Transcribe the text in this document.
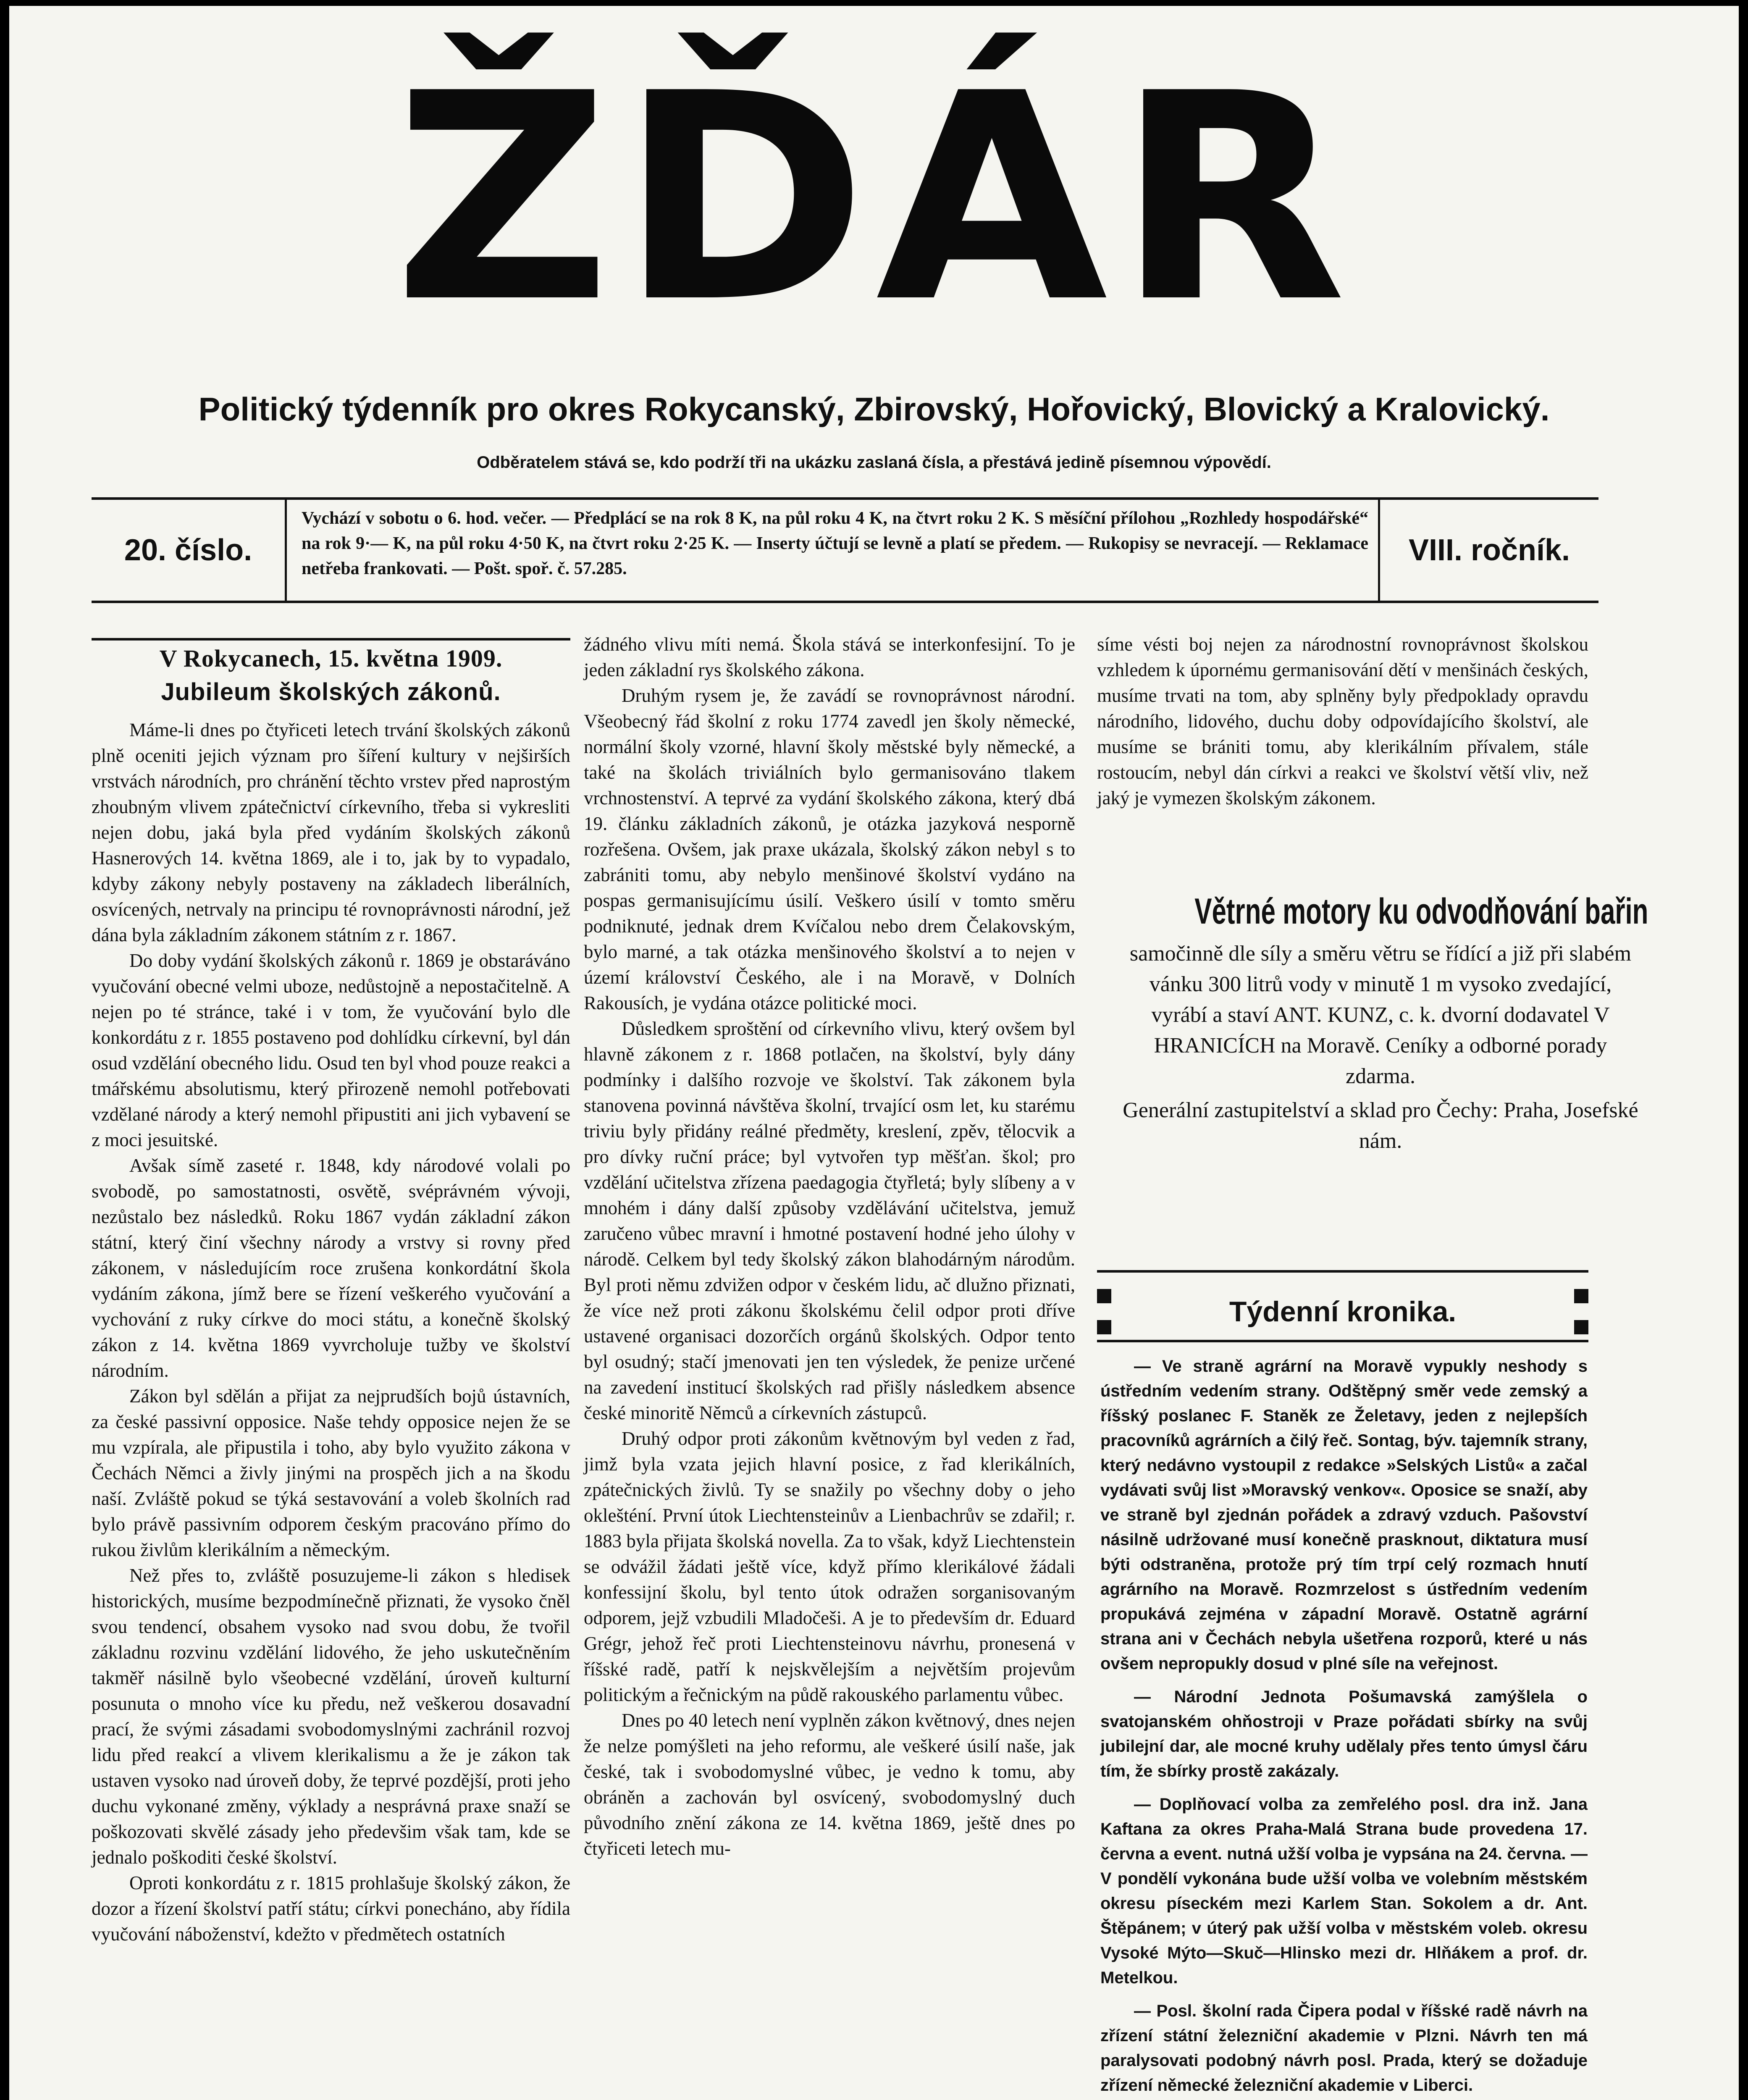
ŽĎÁR
Politický týdenník pro okres Rokycanský, Zbirovský, Hořovický, Blovický a Kralovický.
Odběratelem stává se, kdo podrží tři na ukázku zaslaná čísla, a přestává jedině písemnou výpovědí.
20. číslo.
Vychází v sobotu o 6. hod. večer. — Předplácí se na rok 8 K, na půl roku 4 K, na čtvrt roku 2 K. S měsíční přílohou „Rozhledy hospodářské“ na rok 9·— K, na půl roku 4·50 K, na čtvrt roku 2·25 K. — Inserty účtují se levně a platí se předem. — Rukopisy se nevracejí. — Reklamace netřeba frankovati. — Pošt. spoř. č. 57.285.
VIII. ročník.
V Rokycanech, 15. května 1909.
Jubileum školských zákonů.

Máme-li dnes po čtyřiceti letech trvání školských zákonů plně oceniti jejich význam pro šíření kultury v nejširších vrstvách národních, pro chránění těchto vrstev před naprostým zhoubným vlivem zpátečnictví církevního, třeba si vykresliti nejen dobu, jaká byla před vydáním školských zákonů Hasnerových 14. května 1869, ale i to, jak by to vypadalo, kdyby zákony nebyly postaveny na základech liberálních, osvícených, netrvaly na principu té rovnoprávnosti národní, jež dána byla základním zákonem státním z r. 1867.

Do doby vydání školských zákonů r. 1869 je obstaráváno vyučování obecné velmi uboze, nedůstojně a nepostačitelně. A nejen po té stránce, také i v tom, že vyučování bylo dle konkordátu z r. 1855 postaveno pod dohlídku církevní, byl dán osud vzdělání obecného lidu. Osud ten byl vhod pouze reakci a tmářskému absolutismu, který přirozeně nemohl potřebovati vzdělané národy a který nemohl připustiti ani jich vybavení se z moci jesuitské.

Avšak símě zaseté r. 1848, kdy národové volali po svobodě, po samostatnosti, osvětě, svéprávném vývoji, nezůstalo bez následků. Roku 1867 vydán základní zákon státní, který činí všechny národy a vrstvy si rovny před zákonem, v následujícím roce zrušena konkordátní škola vydáním zákona, jímž bere se řízení veškerého vyučování a vychování z ruky církve do moci státu, a konečně školský zákon z 14. května 1869 vyvrcholuje tužby ve školství národním.

Zákon byl sdělán a přijat za nejprudších bojů ústavních, za české passivní opposice. Naše tehdy opposice nejen že se mu vzpírala, ale připustila i toho, aby bylo využito zákona v Čechách Němci a živly jinými na prospěch jich a na škodu naší. Zvláště pokud se týká sestavování a voleb školních rad bylo právě passivním odporem českým pracováno přímo do rukou živlům klerikálním a německým.

Než přes to, zvláště posuzujeme-li zákon s hledisek historických, musíme bezpodmínečně přiznati, že vysoko čněl svou tendencí, obsahem vysoko nad svou dobu, že tvořil základnu rozvinu vzdělání lidového, že jeho uskutečněním takměř násilně bylo všeobecné vzdělání, úroveň kulturní posunuta o mnoho více ku předu, než veškerou dosavadní prací, že svými zásadami svobodomyslnými zachránil rozvoj lidu před reakcí a vlivem klerikalismu a že je zákon tak ustaven vysoko nad úroveň doby, že teprvé pozdější, proti jeho duchu vykonané změny, výklady a nesprávná praxe snaží se poškozovati skvělé zásady jeho předevšim však tam, kde se jednalo poškoditi české školství.

Oproti konkordátu z r. 1815 prohlašuje školský zákon, že dozor a řízení školství patří státu; církvi ponecháno, aby řídila vyučování náboženství, kdežto v předmětech ostatních

žádného vlivu míti nemá. Škola stává se interkonfesijní. To je jeden základní rys školského zákona.

Druhým rysem je, že zavádí se rovnoprávnost národní. Všeobecný řád školní z roku 1774 zavedl jen školy německé, normální školy vzorné, hlavní školy městské byly německé, a také na školách triviálních bylo germanisováno tlakem vrchnostenství. A teprvé za vydání školského zákona, který dbá 19. článku základních zákonů, je otázka jazyková nesporně rozřešena. Ovšem, jak praxe ukázala, školský zákon nebyl s to zabrániti tomu, aby nebylo menšinové školství vydáno na pospas germanisujícímu úsilí. Veškero úsilí v tomto směru podniknuté, jednak drem Kvíčalou nebo drem Čelakovským, bylo marné, a tak otázka menšinového školství a to nejen v území království Českého, ale i na Moravě, v Dolních Rakousích, je vydána otázce politické moci.

Důsledkem sproštění od církevního vlivu, který ovšem byl hlavně zákonem z r. 1868 potlačen, na školství, byly dány podmínky i dalšího rozvoje ve školství. Tak zákonem byla stanovena povinná návštěva školní, trvající osm let, ku starému triviu byly přidány reálné předměty, kreslení, zpěv, tělocvik a pro dívky ruční práce; byl vytvořen typ měšťan. škol; pro vzdělání učitelstva zřízena paedagogia čtyřletá; byly slíbeny a v mnohém i dány další způsoby vzdělávání učitelstva, jemuž zaručeno vůbec mravní i hmotné postavení hodné jeho úlohy v národě. Celkem byl tedy školský zákon blahodárným národům. Byl proti němu zdvižen odpor v českém lidu, ač dlužno přiznati, že více než proti zákonu školskému čelil odpor proti dříve ustavené organisaci dozorčích orgánů školských. Odpor tento byl osudný; stačí jmenovati jen ten výsledek, že penize určené na zavedení institucí školských rad přišly následkem absence české minoritě Němců a církevních zástupců.

Druhý odpor proti zákonům květnovým byl veden z řad, jimž byla vzata jejich hlavní posice, z řad klerikálních, zpátečnických živlů. Ty se snažily po všechny doby o jeho oklešténí. První útok Liechtensteinův a Lienbachrův se zdařil; r. 1883 byla přijata školská novella. Za to však, když Liechtenstein se odvážil žádati ještě více, když přímo klerikálové žádali konfessijní školu, byl tento útok odražen sorganisovaným odporem, jejž vzbudili Mladočeši. A je to především dr. Eduard Grégr, jehož řeč proti Liechtensteinovu návrhu, pronesená v říšské radě, patří k nejskvělejším a největším projevům politickým a řečnickým na půdě rakouského parlamentu vůbec.

Dnes po 40 letech není vyplněn zákon květnový, dnes nejen že nelze pomýšleti na jeho reformu, ale veškeré úsilí naše, jak české, tak i svobodomyslné vůbec, je vedno k tomu, aby obráněn a zachován byl osvícený, svobodomyslný duch původního znění zákona ze 14. května 1869, ještě dnes po čtyřiceti letech mu-

síme vésti boj nejen za národnostní rovnoprávnost školskou vzhledem k úpornému germanisování dětí v menšinách českých, musíme trvati na tom, aby splněny byly předpoklady opravdu národního, lidového, duchu doby odpovídajícího školství, ale musíme se brániti tomu, aby klerikálním přívalem, stále rostoucím, nebyl dán církvi a reakci ve školství větší vliv, než jaký je vymezen školským zákonem.

Větrné motory ku odvodňování bařin
samočinně dle síly a směru větru se řídící a již při slabém vánku 300 litrů vody v minutě 1 m vysoko zvedající, vyrábí a staví ANT. KUNZ, c. k. dvorní dodavatel V HRANICÍCH na Moravě. Ceníky a odborné porady zdarma.
Generální zastupitelství a sklad pro Čechy: Praha, Josefské nám.
Týdenní kronika.

— Ve straně agrární na Moravě vypukly neshody s ústředním vedením strany. Odštěpný směr vede zemský a říšský poslanec F. Staněk ze Želetavy, jeden z nejlepších pracovníků agrárních a čilý řeč. Sontag, býv. tajemník strany, který nedávno vystoupil z redakce »Selských Listů« a začal vydávati svůj list »Moravský venkov«. Oposice se snaží, aby ve straně byl zjednán pořádek a zdravý vzduch. Pašovství násilně udržované musí konečně prasknout, diktatura musí býti odstraněna, protože prý tím trpí celý rozmach hnutí agrárního na Moravě. Rozmrzelost s ústředním vedením propukává zejména v západní Moravě. Ostatně agrární strana ani v Čechách nebyla ušetřena rozporů, které u nás ovšem nepropukly dosud v plné síle na veřejnost.

— Národní Jednota Pošumavská zamýšlela o svatojanském ohňostroji v Praze pořádati sbírky na svůj jubilejní dar, ale mocné kruhy udělaly přes tento úmysl čáru tím, že sbírky prostě zakázaly.

— Doplňovací volba za zemřelého posl. dra inž. Jana Kaftana za okres Praha-Malá Strana bude provedena 17. června a event. nutná užší volba je vypsána na 24. června. — V pondělí vykonána bude užší volba ve volebním městském okresu píseckém mezi Karlem Stan. Sokolem a dr. Ant. Štěpánem; v úterý pak užší volba v městském voleb. okresu Vysoké Mýto—Skuč—Hlinsko mezi dr. Hlňákem a prof. dr. Metelkou.

— Posl. školní rada Čipera podal v říšské radě návrh na zřízení státní železniční akademie v Plzni. Návrh ten má paralysovati podobný návrh posl. Prada, který se dožaduje zřízení německé železniční akademie v Liberci.
